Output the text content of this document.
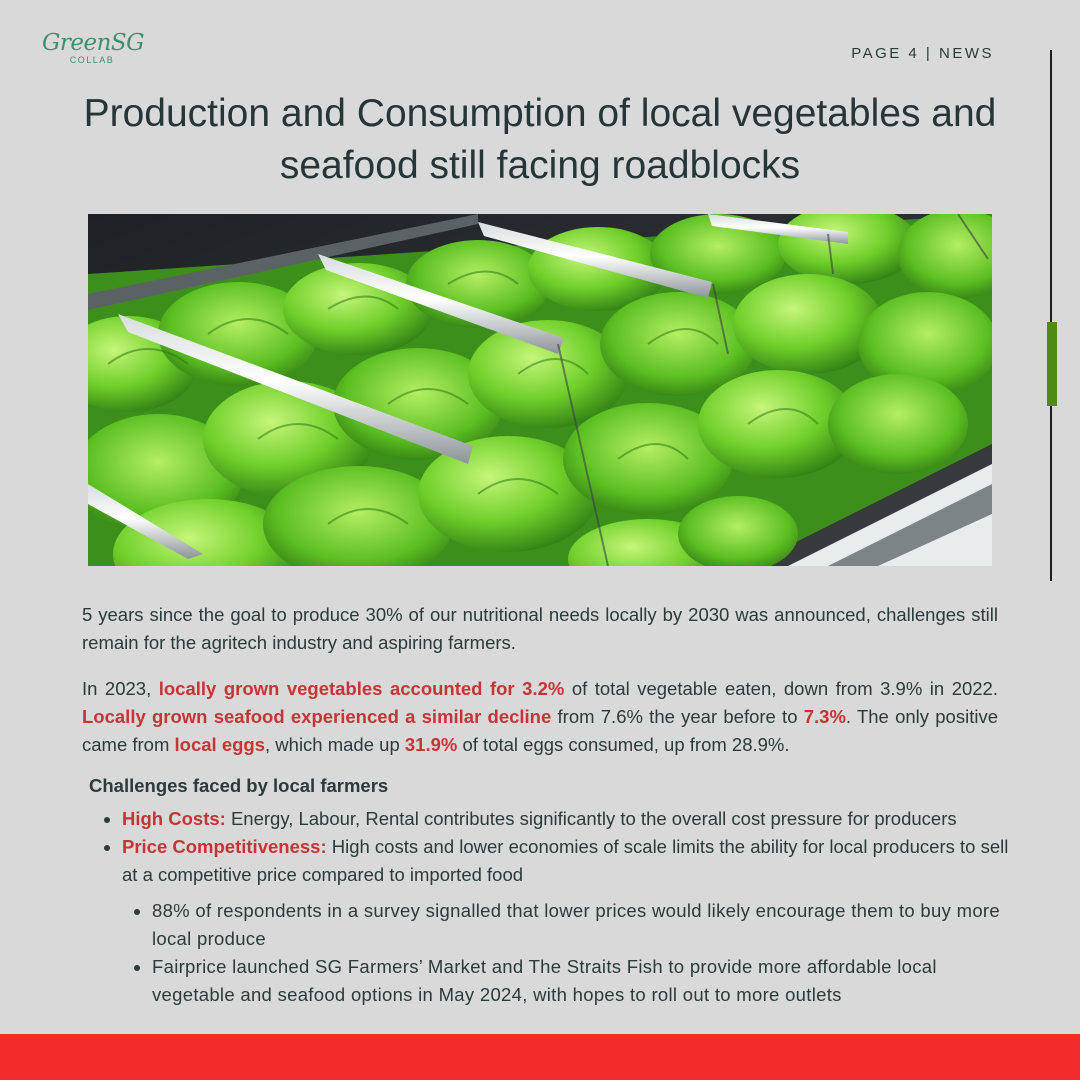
GreenSG
COLLAB	PAGE 4 | NEWS
Production and Consumption of local vegetables and seafood still facing roadblocks

5 years since the goal to produce 30% of our nutritional needs locally by 2030 was announced, challenges still remain for the agritech industry and aspiring farmers.

In 2023, locally grown vegetables accounted for 3.2% of total vegetable eaten, down from 3.9% in 2022. Locally grown seafood experienced a similar decline from 7.6% the year before to 7.3%. The only positive came from local eggs, which made up 31.9% of total eggs consumed, up from 28.9%.

Challenges faced by local farmers
• High Costs: Energy, Labour, Rental contributes significantly to the overall cost pressure for producers
• Price Competitiveness: High costs and lower economies of scale limits the ability for local producers to sell at a competitive price compared to imported food
• 88% of respondents in a survey signalled that lower prices would likely encourage them to buy more local produce
• Fairprice launched SG Farmers’ Market and The Straits Fish to provide more affordable local vegetable and seafood options in May 2024, with hopes to roll out to more outlets
